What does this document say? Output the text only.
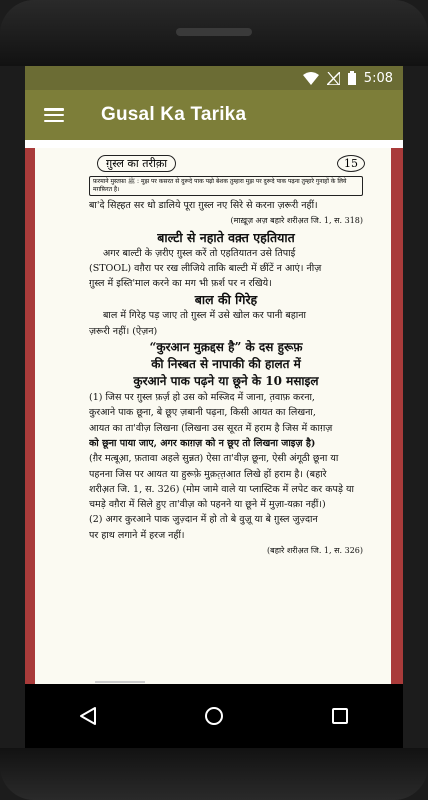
5:08
Gusal Ka Tarika
ग़ुस्ल का तरीक़ा	15
फ़रमाने मुस्तफ़ा ﷺ : मुझ पर कसरत से दुरूदे पाक पढ़ो बेशक तुम्हारा मुझ पर दुरूदे पाक पढ़ना तुम्हारे गुनाहों के लिये मग़फ़िरत है।
बा'दे सिह्हत सर धो डालिये पूरा ग़ुस्ल नए सिरे से करना ज़रूरी नहीं।
(माख़ूज़ अज़ बहारे शरीअ़त जि. 1, स. 318)
बाल्टी से नहाते वक़्त एहतियात
अगर बाल्टी के ज़रीए ग़ुस्ल करें तो एहतियातन उसे तिपाई
(STOOL) वग़ैरा पर रख लीजिये ताकि बाल्टी में छींटें न आएं। नीज़
ग़ुस्ल में इस्ति'माल करने का मग भी फ़र्श पर न रखिये।
बाल की गिरेह
बाल में गिरेह पड़ जाए तो ग़ुस्ल में उसे खोल कर पानी बहाना
ज़रूरी नहीं। (ऐज़न)
“कुरआन मुक़द्दस है” के दस हुरूफ़
की निस्बत से नापाकी की हालत में
कुरआने पाक पढ़ने या छूने के 10 मसाइल
(1) जिस पर ग़ुस्ल फ़र्ज़ हो उस को मस्जिद में जाना, त़वाफ़ करना,
कुरआने पाक छूना, बे छूए ज़बानी पढ़ना, किसी आयत का लिखना,
आयत का ता'वीज़ लिखना (लिखना उस सूरत में हराम है जिस में काग़ज़
को छूना पाया जाए, अगर काग़ज़ को न छूए तो लिखना जाइज़ है)
(ग़ैर मत्बूआ़, फ़तावा अहले सुन्नत) ऐसा ता'वीज़ छूना, ऐसी अंगूठी छूना या
पहनना जिस पर आयत या हुरूफ़े मुक़त़्त़आत लिखे हों हराम है। (बहारे
शरीअ़त जि. 1, स. 326) (मोम जामे वाले या प्लास्टिक में लपेट कर कपड़े या
चमड़े वग़ैरा में सिले हुए ता'वीज़ को पहनने या छूने में मुज़ा-यक़ा नहीं।)
(2) अगर कुरआने पाक जुज़्दान में हो तो बे वुज़ू या बे ग़ुस्ल जुज़्दान
पर हाथ लगाने में हरज नहीं।
(बहारे शरीअ़त जि. 1, स. 326)
